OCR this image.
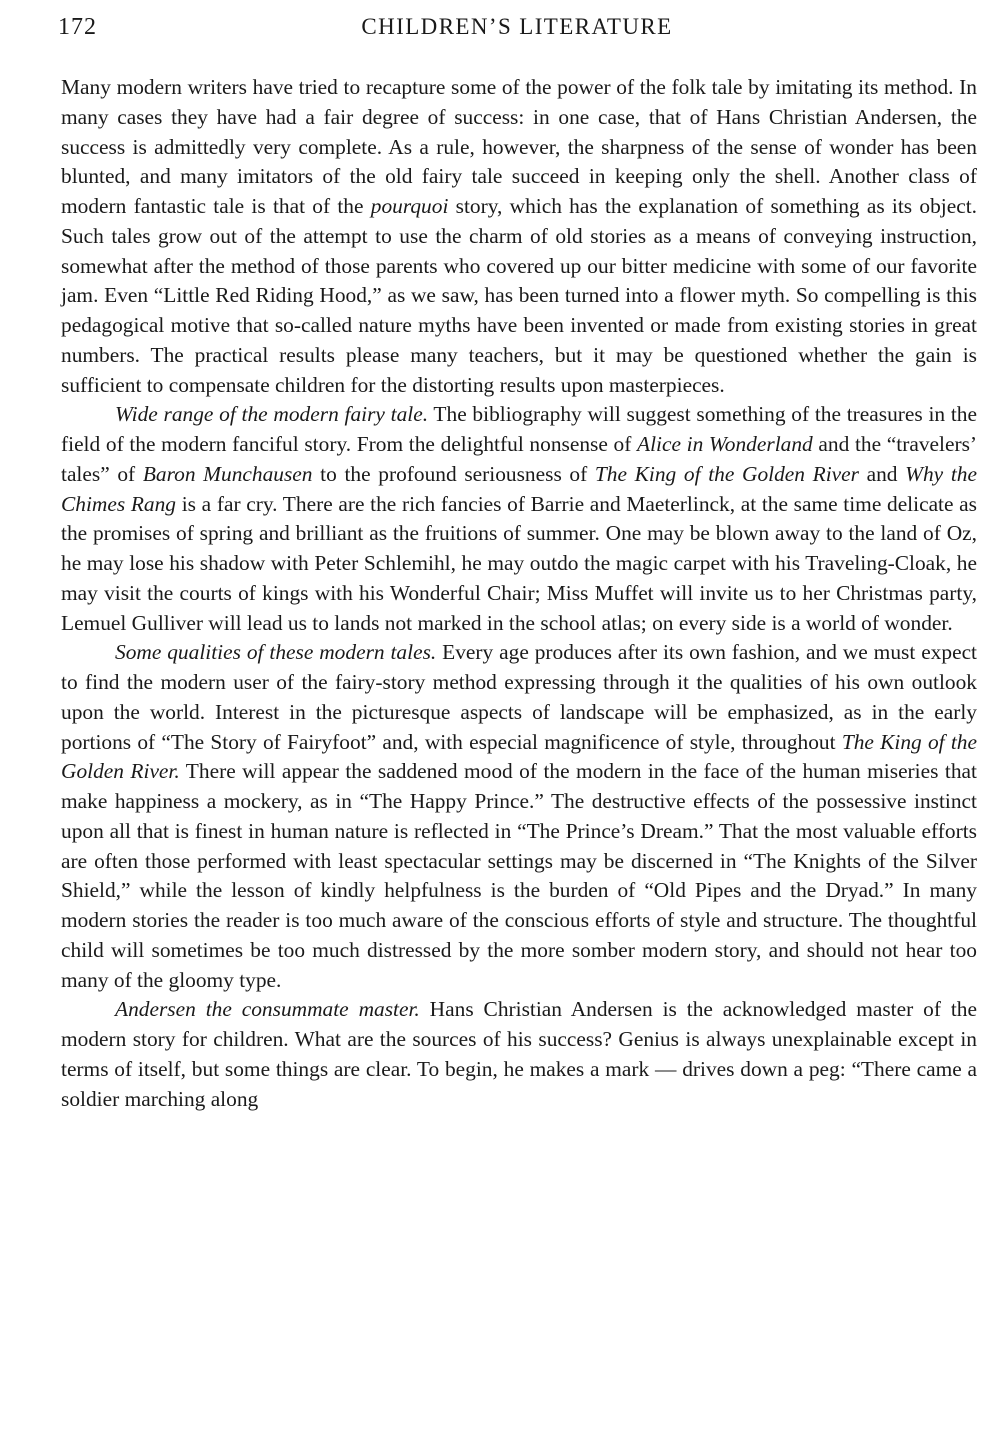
172	CHILDREN’S LITERATURE

Many modern writers have tried to recapture some of the power of the folk tale by imitating its method. In many cases they have had a fair degree of success: in one case, that of Hans Christian Andersen, the success is admittedly very complete. As a rule, however, the sharpness of the sense of wonder has been blunted, and many imitators of the old fairy tale succeed in keeping only the shell. Another class of modern fantastic tale is that of the pourquoi story, which has the explanation of something as its object. Such tales grow out of the attempt to use the charm of old stories as a means of conveying instruction, somewhat after the method of those parents who covered up our bitter medicine with some of our favorite jam. Even “Little Red Riding Hood,” as we saw, has been turned into a flower myth. So compelling is this pedagogical motive that so-called nature myths have been invented or made from existing stories in great numbers. The practical results please many teachers, but it may be questioned whether the gain is sufficient to compensate children for the distorting results upon masterpieces.

Wide range of the modern fairy tale. The bibliography will suggest something of the treasures in the field of the modern fanciful story. From the delightful nonsense of Alice in Wonderland and the “travelers’ tales” of Baron Munchausen to the profound seriousness of The King of the Golden River and Why the Chimes Rang is a far cry. There are the rich fancies of Barrie and Maeterlinck, at the same time delicate as the promises of spring and brilliant as the fruitions of summer. One may be blown away to the land of Oz, he may lose his shadow with Peter Schlemihl, he may outdo the magic carpet with his Traveling-Cloak, he may visit the courts of kings with his Wonderful Chair; Miss Muffet will invite us to her Christmas party, Lemuel Gulliver will lead us to lands not marked in the school atlas; on every side is a world of wonder.

Some qualities of these modern tales. Every age produces after its own fashion, and we must expect to find the modern user of the fairy-story method expressing through it the qualities of his own outlook upon the world. Interest in the picturesque aspects of landscape will be emphasized, as in the early portions of “The Story of Fairyfoot” and, with especial magnificence of style, throughout The King of the Golden River. There will appear the saddened mood of the modern in the face of the human miseries that make happiness a mockery, as in “The Happy Prince.” The destructive effects of the possessive instinct upon all that is finest in human nature is reflected in “The Prince’s Dream.” That the most valuable efforts are often those performed with least spectacular settings may be discerned in “The Knights of the Silver Shield,” while the lesson of kindly helpfulness is the burden of “Old Pipes and the Dryad.” In many modern stories the reader is too much aware of the conscious efforts of style and structure. The thoughtful child will sometimes be too much distressed by the more somber modern story, and should not hear too many of the gloomy type.

Andersen the consummate master. Hans Christian Andersen is the acknowledged master of the modern story for children. What are the sources of his success? Genius is always unexplainable except in terms of itself, but some things are clear. To begin, he makes a mark — drives down a peg: “There came a soldier marching along
